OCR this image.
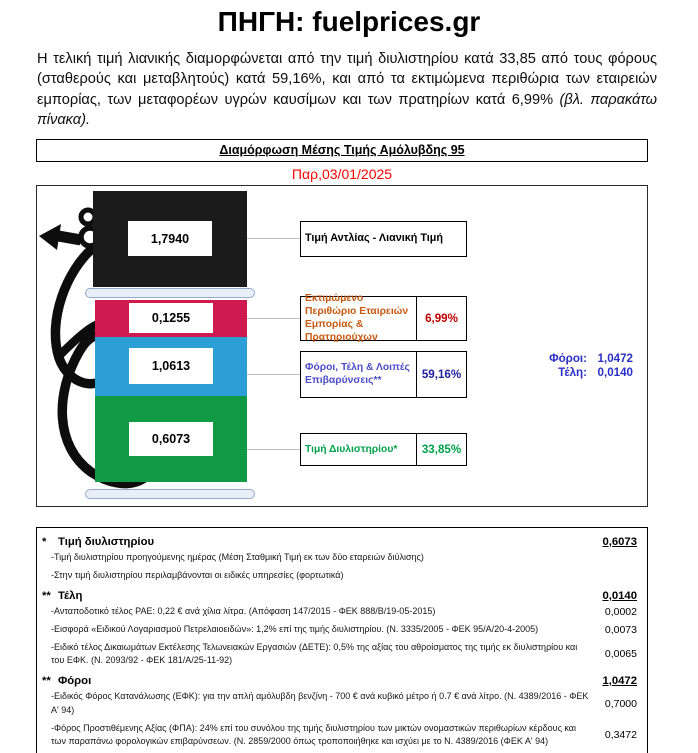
ΠΗΓΗ: fuelprices.gr

Η τελική τιμή λιανικής διαμορφώνεται από την τιμή διυλιστηρίου κατά 33,85 από τους φόρους (σταθερούς και μεταβλητούς) κατά 59,16%, και από τα εκτιμώμενα περιθώρια των εταιρειών εμπορίας, των μεταφορέων υγρών καυσίμων και των πρατηρίων κατά 6,99% (βλ. παρακάτω πίνακα).

Διαμόρφωση Μέσης Τιμής Αμόλυβδης 95
Παρ,03/01/2025
1,7940
0,1255
1,0613
0,6073
Τιμή Αντλίας - Λιανική Τιμή
Εκτιμώμενο Περιθώριο Εταιρειών Εμπορίας & Πρατηριούχων
6,99%
Φόροι, Τέλη & Λοιπές Επιβαρύνσεις**	59,16%
Τιμή Διυλιστηρίου*	33,85%
Φόροι: 1,0472
Τέλη: 0,0140
*	Τιμή διυλιστηρίου	0,6073
-Τιμή διυλιστηρίου προηγούμενης ημέρας (Μέση Σταθμική Τιμή εκ των δύο εταρειών διύλισης)
-Στην τιμή διυλιστηρίου περιλαμβάνονται οι ειδικές υπηρεσίες (φορτωτικά)
** Τέλη	0,0140
-Ανταποδοτικό τέλος ΡΑΕ: 0,22 € ανά χίλια λίτρα. (Απόφαση 147/2015 - ΦΕΚ 888/Β/19-05-2015)	0,0002
-Εισφορά «Ειδικού Λογαριασμού Πετρελαιοειδών»: 1,2% επί της τιμής διυλιστηρίου. (Ν. 3335/2005 - ΦΕΚ 95/Α/20-4-2005)	0,0073
-Ειδικό τέλος Δικαιωμάτων Εκτέλεσης Τελωνειακών Εργασιών (ΔΕΤΕ): 0,5% της αξίας του αθροίσματος της τιμής εκ διυλιστηρίου και του ΕΦΚ. (Ν. 2093/92 - ΦΕΚ 181/Α/25-11-92)	0,0065
** Φόροι	1,0472
-Ειδικός Φόρος Κατανάλωσης (ΕΦΚ): για την απλή αμόλυβδη βενζίνη - 700 € ανά κυβικό μέτρο ή 0.7 € ανά λίτρο. (Ν. 4389/2016 - ΦΕΚ Α' 94)	0,7000
-Φόρος Προστιθέμενης Αξίας (ΦΠΑ): 24% επί του συνόλου της τιμής διυλιστηρίου των μικτών ονομαστικών περιθωρίων κέρδους και των παραπάνω φορολογικών επιβαρύνσεων. (Ν. 2859/2000 όπως τροποποιήθηκε και ισχύει με το Ν. 4389/2016 (ΦΕΚ Α' 94)	0,3472
